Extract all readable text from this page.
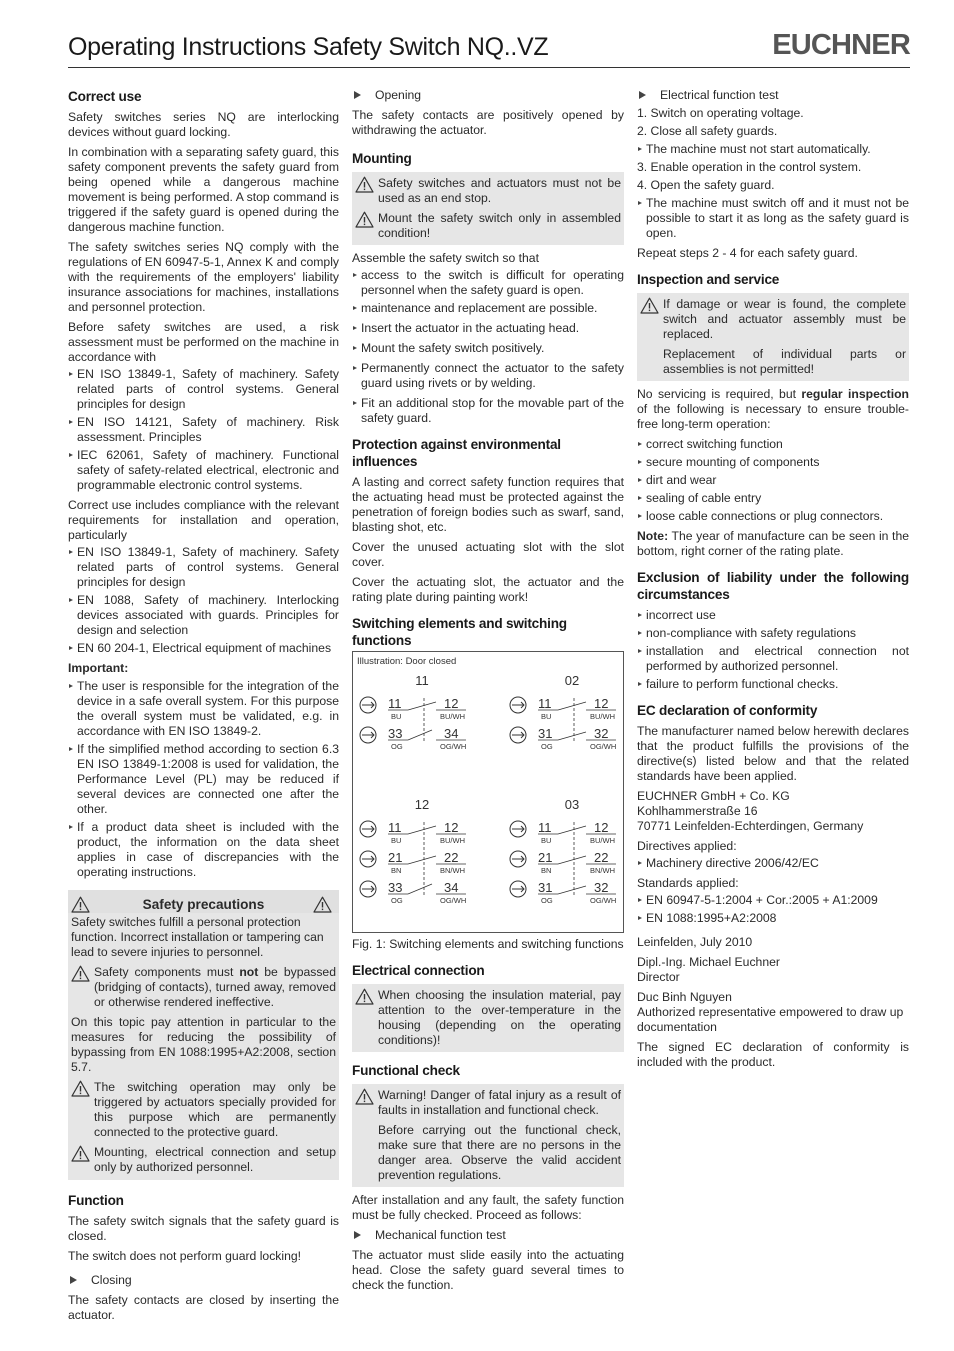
Operating Instructions Safety Switch NQ..VZ	EUCHNER
Correct use

Safety switches series NQ are interlocking devices without guard locking.

In combination with a separating safety guard, this safety component prevents the safety guard from being opened while a dangerous machine movement is being performed. A stop command is triggered if the safety guard is opened during the dangerous machine function.

The safety switches series NQ comply with the regulations of EN 60947-5-1, Annex K and comply with the requirements of the employers' liability insurance associations for machines, installations and personnel protection.

Before safety switches are used, a risk assessment must be performed on the machine in accordance with

EN ISO 13849-1, Safety of machinery. Safety related parts of control systems. General principles for design
EN ISO 14121, Safety of machinery. Risk assessment. Principles
IEC 62061, Safety of machinery. Functional safety of safety-related electrical, electronic and programmable electronic control systems.

Correct use includes compliance with the relevant requirements for installation and operation, particularly

EN ISO 13849-1, Safety of machinery. Safety related parts of control systems. General principles for design
EN 1088, Safety of machinery. Interlocking devices associated with guards. Principles for design and selection
EN 60 204-1, Electrical equipment of machines
Important:
The user is responsible for the integration of the device in a safe overall system. For this purpose the overall system must be validated, e.g. in accordance with EN ISO 13849-2.
If the simplified method according to section 6.3 EN ISO 13849-1:2008 is used for validation, the Performance Level (PL) may be reduced if several devices are connected one after the other.
If a product data sheet is included with the product, the information on the data sheet applies in case of discrepancies with the operating instructions.
Safety precautions

Safety switches fulfill a personal protection function. Incorrect installation or tampering can lead to severe injuries to personnel.

Safety components must not be bypassed (bridging of contacts), turned away, removed or otherwise rendered ineffective.

On this topic pay attention in particular to the measures for reducing the possibility of bypassing from EN 1088:1995+A2:2008, section 5.7.

The switching operation may only be triggered by actuators specially provided for this purpose which are permanently connected to the protective guard.
Mounting, electrical connection and setup only by authorized personnel.
Function

The safety switch signals that the safety guard is closed.

The switch does not perform guard locking!

Closing

The safety contacts are closed by inserting the actuator.

Opening

The safety contacts are positively opened by withdrawing the actuator.

Mounting
Safety switches and actuators must not be used as an end stop.
Mount the safety switch only in assembled condition!

Assemble the safety switch so that

access to the switch is difficult for operating personnel when the safety guard is open.
maintenance and replacement are possible.
Insert the actuator in the actuating head.
Mount the safety switch positively.
Permanently connect the actuator to the safety guard using rivets or by welding.
Fit an additional stop for the movable part of the safety guard.
Protection against environmental influences

A lasting and correct safety function requires that the actuating head must be protected against the penetration of foreign bodies such as swarf, sand, blasting shot, etc.

Cover the unused actuating slot with the slot cover.

Cover the actuating slot, the actuator and the rating plate during painting work!

Switching elements and switching functions
Illustration: Door closed
11
11	12
BU	BU/WH
33	34
OG	OG/WH
02
11	12
BU	BU/WH
31	32
OG	OG/WH
12
11	12
BU	BU/WH
21	22
BN	BN/WH
33	34
OG	OG/WH
03
11	12
BU	BU/WH
21	22
BN	BN/WH
31	32
OG	OG/WH

Fig. 1: Switching elements and switching functions

Electrical connection
When choosing the insulation material, pay attention to the over-temperature in the housing (depending on the operating conditions)!
Functional check
Warning! Danger of fatal injury as a result of faults in installation and functional check.
Before carrying out the functional check, make sure that there are no persons in the danger area. Observe the valid accident prevention regulations.

After installation and any fault, the safety function must be fully checked. Proceed as follows:

Mechanical function test

The actuator must slide easily into the actuating head. Close the safety guard several times to check the function.

Electrical function test
1. Switch on operating voltage.
2. Close all safety guards.
The machine must not start automatically.
3. Enable operation in the control system.
4. Open the safety guard.
The machine must switch off and it must not be possible to start it as long as the safety guard is open.

Repeat steps 2 - 4 for each safety guard.

Inspection and service
If damage or wear is found, the complete switch and actuator assembly must be replaced.
Replacement of individual parts or assemblies is not permitted!

No servicing is required, but regular inspection of the following is necessary to ensure trouble-free long-term operation:

correct switching function
secure mounting of components
dirt and wear
sealing of cable entry
loose cable connections or plug connectors.

Note: The year of manufacture can be seen in the bottom, right corner of the rating plate.

Exclusion of liability under the following circumstances
incorrect use
non-compliance with safety regulations
installation and electrical connection not performed by authorized personnel.
failure to perform functional checks.
EC declaration of conformity

The manufacturer named below herewith declares that the product fulfills the provisions of the directive(s) listed below and that the related standards have been applied.

EUCHNER GmbH + Co. KG
Kohlhammerstraße 16
70771 Leinfelden-Echterdingen, Germany

Directives applied:

Machinery directive 2006/42/EC

Standards applied:

EN 60947-5-1:2004 + Cor.:2005 + A1:2009
EN 1088:1995+A2:2008

Leinfelden, July 2010

Dipl.-Ing. Michael Euchner
Director

Duc Binh Nguyen
Authorized representative empowered to draw up documentation

The signed EC declaration of conformity is included with the product.
